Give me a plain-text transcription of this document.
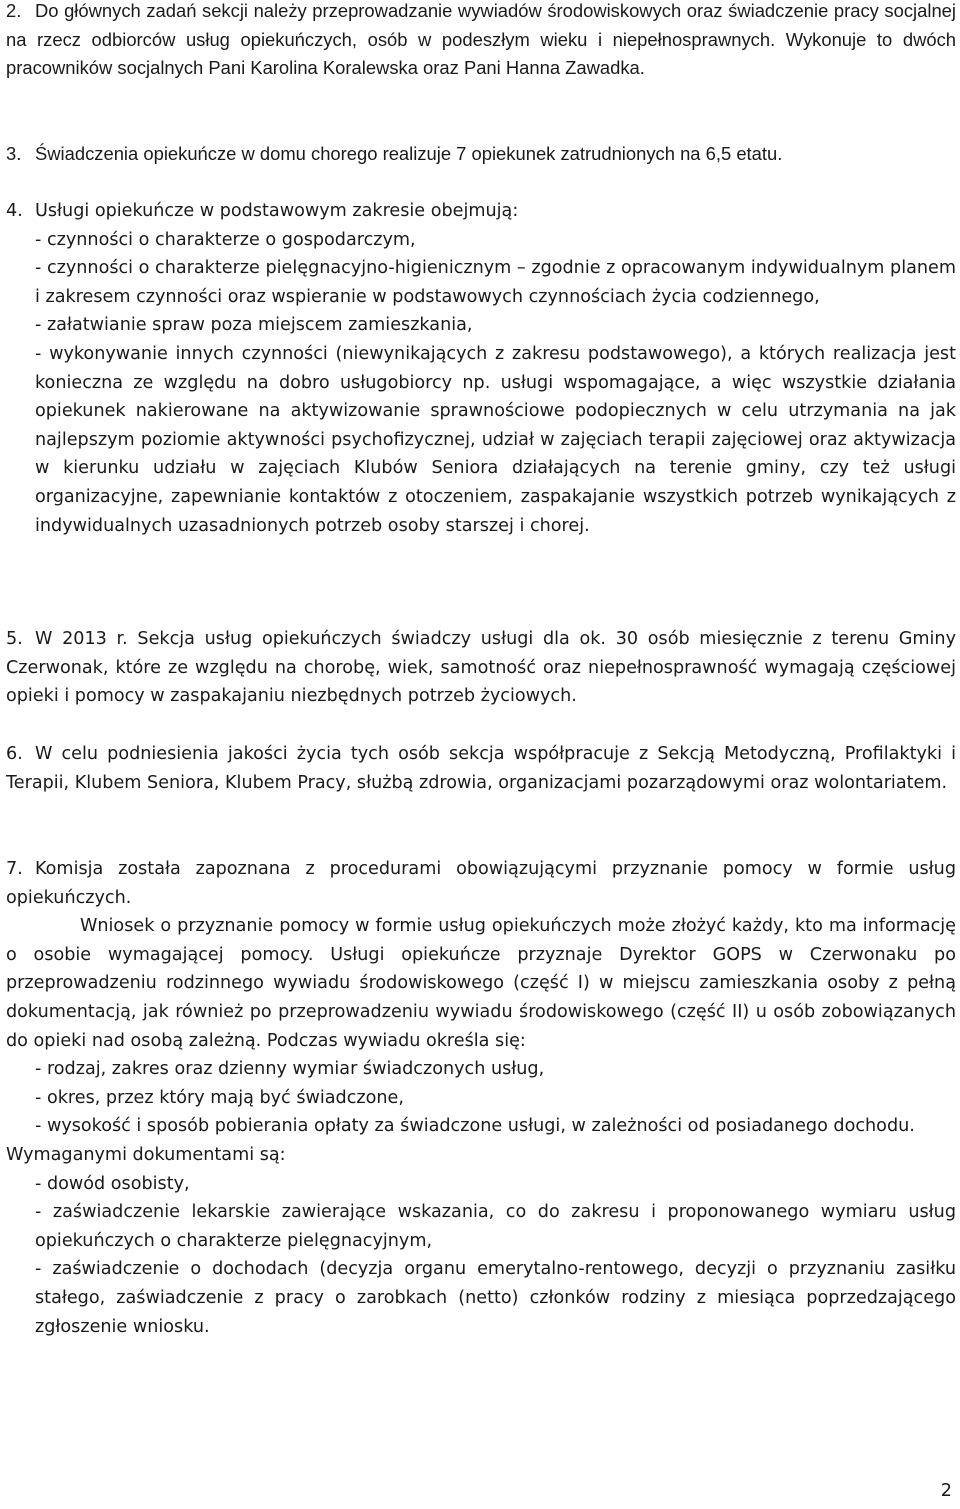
2. Do głównych zadań sekcji należy przeprowadzanie wywiadów środowiskowych oraz świadczenie pracy socjalnej na rzecz odbiorców usług opiekuńczych, osób w podeszłym wieku i niepełnosprawnych. Wykonuje to dwóch pracowników socjalnych Pani Karolina Koralewska oraz Pani Hanna Zawadka.

3. Świadczenia opiekuńcze w domu chorego realizuje 7 opiekunek zatrudnionych na 6,5 etatu.

4. Usługi opiekuńcze w podstawowym zakresie obejmują:

- czynności o charakterze o gospodarczym,

- czynności o charakterze pielęgnacyjno-higienicznym – zgodnie z opracowanym indywidualnym planem i zakresem czynności oraz wspieranie w podstawowych czynnościach życia codziennego,

- załatwianie spraw poza miejscem zamieszkania,

- wykonywanie innych czynności (niewynikających z zakresu podstawowego), a których realizacja jest konieczna ze względu na dobro usługobiorcy np. usługi wspomagające, a więc wszystkie działania opiekunek nakierowane na aktywizowanie sprawnościowe podopiecznych w celu utrzymania na jak najlepszym poziomie aktywności psychofizycznej, udział w zajęciach terapii zajęciowej oraz aktywizacja w kierunku udziału w zajęciach Klubów Seniora działających na terenie gminy, czy też usługi organizacyjne, zapewnianie kontaktów z otoczeniem, zaspakajanie wszystkich potrzeb wynikających z indywidualnych uzasadnionych potrzeb osoby starszej i chorej.

5. W 2013 r. Sekcja usług opiekuńczych świadczy usługi dla ok. 30 osób miesięcznie z terenu Gminy Czerwonak, które ze względu na chorobę, wiek, samotność oraz niepełnosprawność wymagają częściowej opieki i pomocy w zaspakajaniu niezbędnych potrzeb życiowych.

6. W celu podniesienia jakości życia tych osób sekcja współpracuje z Sekcją Metodyczną, Profilaktyki i Terapii, Klubem Seniora, Klubem Pracy, służbą zdrowia, organizacjami pozarządowymi oraz wolontariatem.

7. Komisja została zapoznana z procedurami obowiązującymi przyznanie pomocy w formie usług opiekuńczych.

Wniosek o przyznanie pomocy w formie usług opiekuńczych może złożyć każdy, kto ma informację o osobie wymagającej pomocy. Usługi opiekuńcze przyznaje Dyrektor GOPS w Czerwonaku po przeprowadzeniu rodzinnego wywiadu środowiskowego (część I) w miejscu zamieszkania osoby z pełną dokumentacją, jak również po przeprowadzeniu wywiadu środowiskowego (część II) u osób zobowiązanych do opieki nad osobą zależną. Podczas wywiadu określa się:

- rodzaj, zakres oraz dzienny wymiar świadczonych usług,

- okres, przez który mają być świadczone,

- wysokość i sposób pobierania opłaty za świadczone usługi, w zależności od posiadanego dochodu.

Wymaganymi dokumentami są:

- dowód osobisty,

- zaświadczenie lekarskie zawierające wskazania, co do zakresu i proponowanego wymiaru usług opiekuńczych o charakterze pielęgnacyjnym,

- zaświadczenie o dochodach (decyzja organu emerytalno-rentowego, decyzji o przyznaniu zasiłku stałego, zaświadczenie z pracy o zarobkach (netto) członków rodziny z miesiąca poprzedzającego zgłoszenie wniosku.

2
